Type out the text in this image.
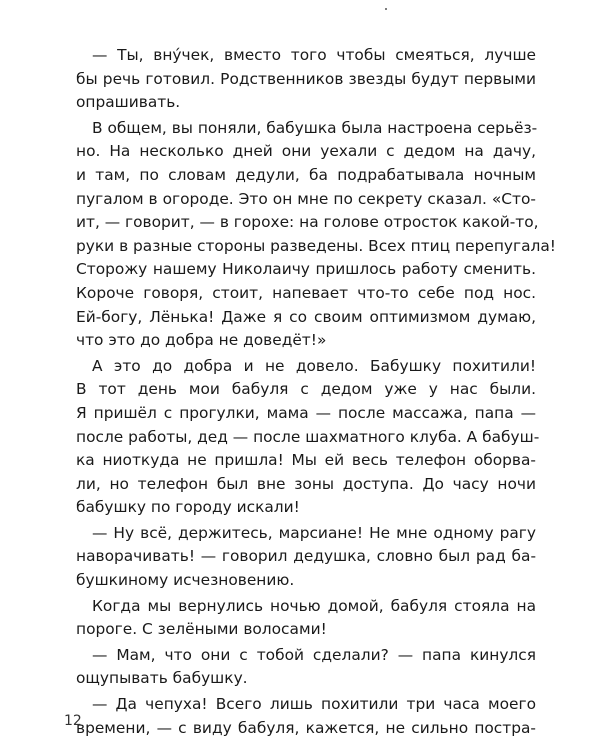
— Ты, вну́чек, вместо того чтобы смеяться, лучше
бы речь готовил. Родственников звезды будут первыми
опрашивать.
В общем, вы поняли, бабушка была настроена серьёз-
но. На несколько дней они уехали с дедом на дачу,
и там, по словам дедули, ба подрабатывала ночным
пугалом в огороде. Это он мне по секрету сказал. «Сто-
ит, — говорит, — в горохе: на голове отросток какой-то,
руки в разные стороны разведены. Всех птиц перепугала!
Сторожу нашему Николаичу пришлось работу сменить.
Короче говоря, стоит, напевает что-то себе под нос.
Ей-богу, Лёнька! Даже я со своим оптимизмом думаю,
что это до добра не доведёт!»
А это до добра и не довело. Бабушку похитили!
В тот день мои бабуля с дедом уже у нас были.
Я пришёл с прогулки, мама — после массажа, папа —
после работы, дед — после шахматного клуба. А бабуш-
ка ниоткуда не пришла! Мы ей весь телефон оборва-
ли, но телефон был вне зоны доступа. До часу ночи
бабушку по городу искали!
— Ну всё, держитесь, марсиане! Не мне одному рагу
наворачивать! — говорил дедушка, словно был рад ба-
бушкиному исчезновению.
Когда мы вернулись ночью домой, бабуля стояла на
пороге. С зелёными волосами!
— Мам, что они с тобой сделали? — папа кинулся
ощупывать бабушку.
— Да чепуха! Всего лишь похитили три часа моего
времени, — с виду бабуля, кажется, не сильно постра-
12
